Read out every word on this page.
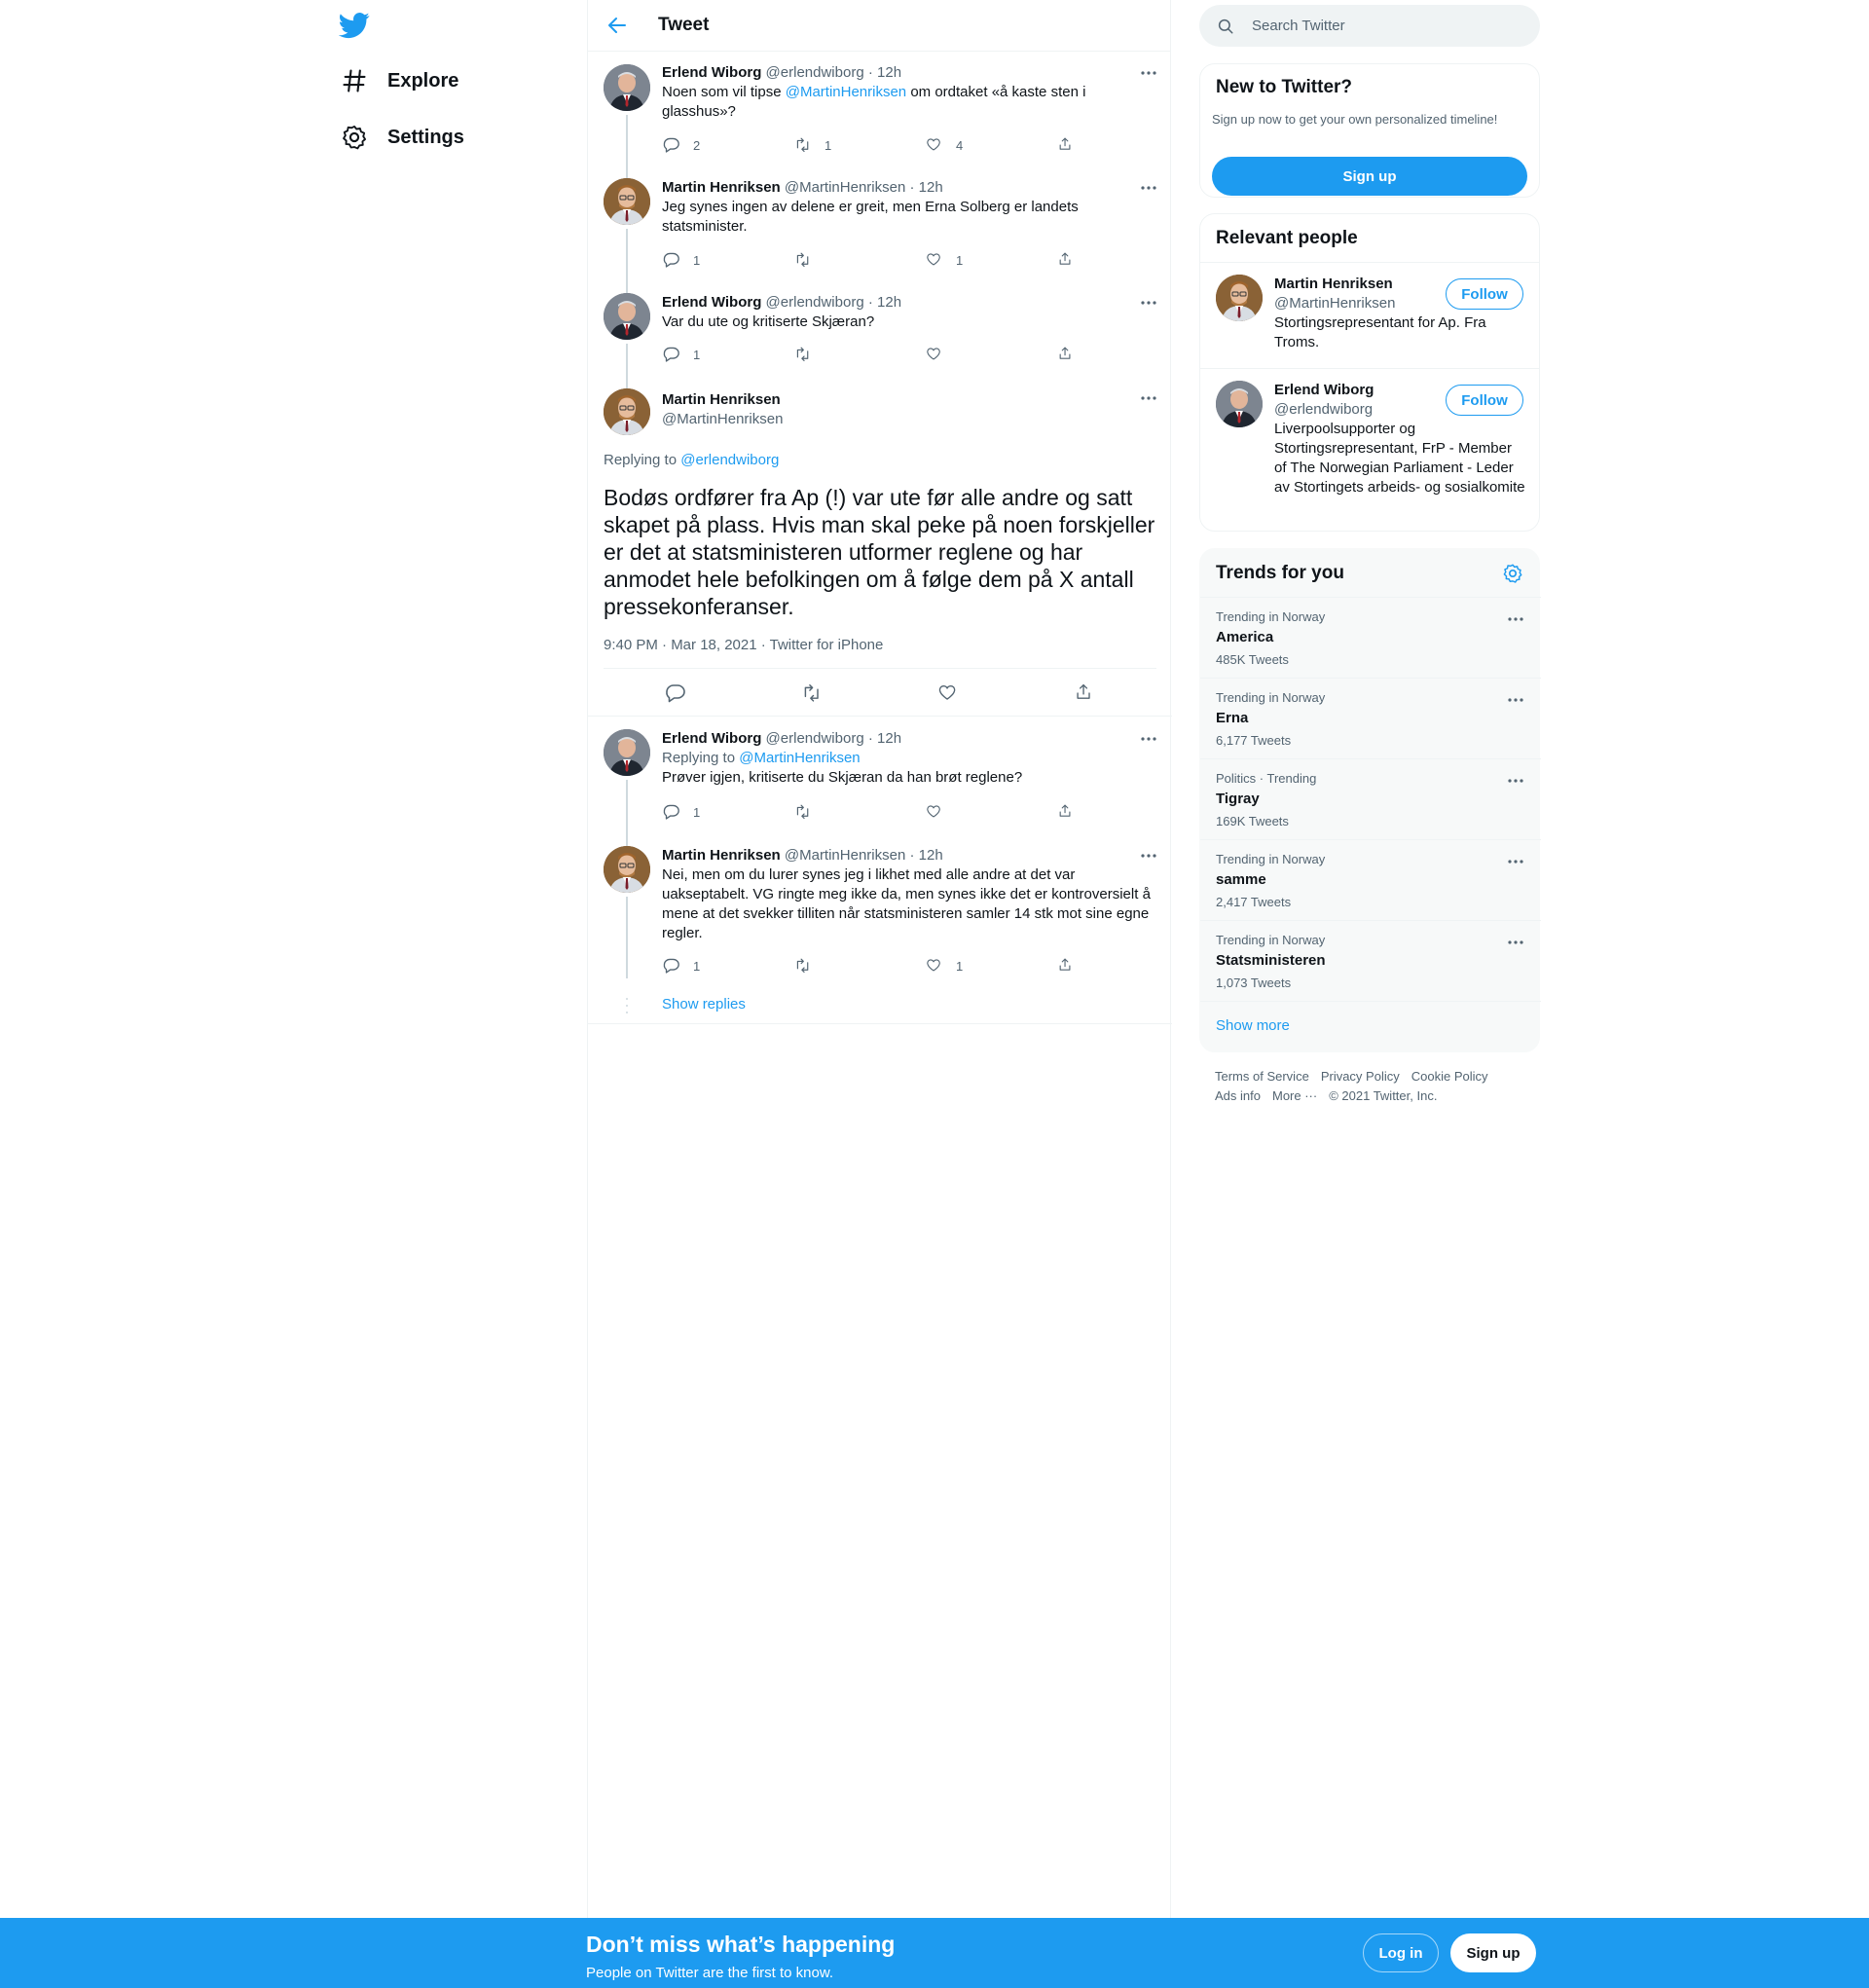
Explore
Settings
Tweet
Erlend Wiborg @erlendwiborg · 12h
Noen som vil tipse @MartinHenriksen om ordtaket «å kaste sten i glasshus»?
2	1	4
Martin Henriksen @MartinHenriksen · 12h
Jeg synes ingen av delene er greit, men Erna Solberg er landets statsminister.
1	1
Erlend Wiborg @erlendwiborg · 12h
Var du ute og kritiserte Skjæran?
1
Martin Henriksen
@MartinHenriksen
Replying to @erlendwiborg
Bodøs ordfører fra Ap (!) var ute før alle andre og satt skapet på plass. Hvis man skal peke på noen forskjeller er det at statsministeren utformer reglene og har anmodet hele befolkingen om å følge dem på X antall pressekonferanser.
9:40 PM · Mar 18, 2021 · Twitter for iPhone
Erlend Wiborg @erlendwiborg · 12h
Replying to @MartinHenriksen
Prøver igjen, kritiserte du Skjæran da han brøt reglene?
1
Martin Henriksen @MartinHenriksen · 12h
Nei, men om du lurer synes jeg i likhet med alle andre at det var uakseptabelt. VG ringte meg ikke da, men synes ikke det er kontroversielt å mene at det svekker tilliten når statsministeren samler 14 stk mot sine egne regler.
1	1
Show replies
Search Twitter
New to Twitter?
Sign up now to get your own personalized timeline!
Sign up
Relevant people
Martin Henriksen
@MartinHenriksen
Stortingsrepresentant for Ap. Fra Troms.
Follow
Erlend Wiborg
@erlendwiborg
Liverpoolsupporter og Stortingsrepresentant, FrP - Member of The Norwegian Parliament - Leder av Stortingets arbeids- og sosialkomite
Follow
Trends for you
Trending in Norway
America
485K Tweets
Trending in Norway
Erna
6,177 Tweets
Politics · Trending
Tigray
169K Tweets
Trending in Norway
samme
2,417 Tweets
Trending in Norway
Statsministeren
1,073 Tweets
Show more
Terms of Service Privacy Policy Cookie Policy
Ads info More ··· © 2021 Twitter, Inc.
Don’t miss what’s happening
People on Twitter are the first to know.
Log in	Sign up
